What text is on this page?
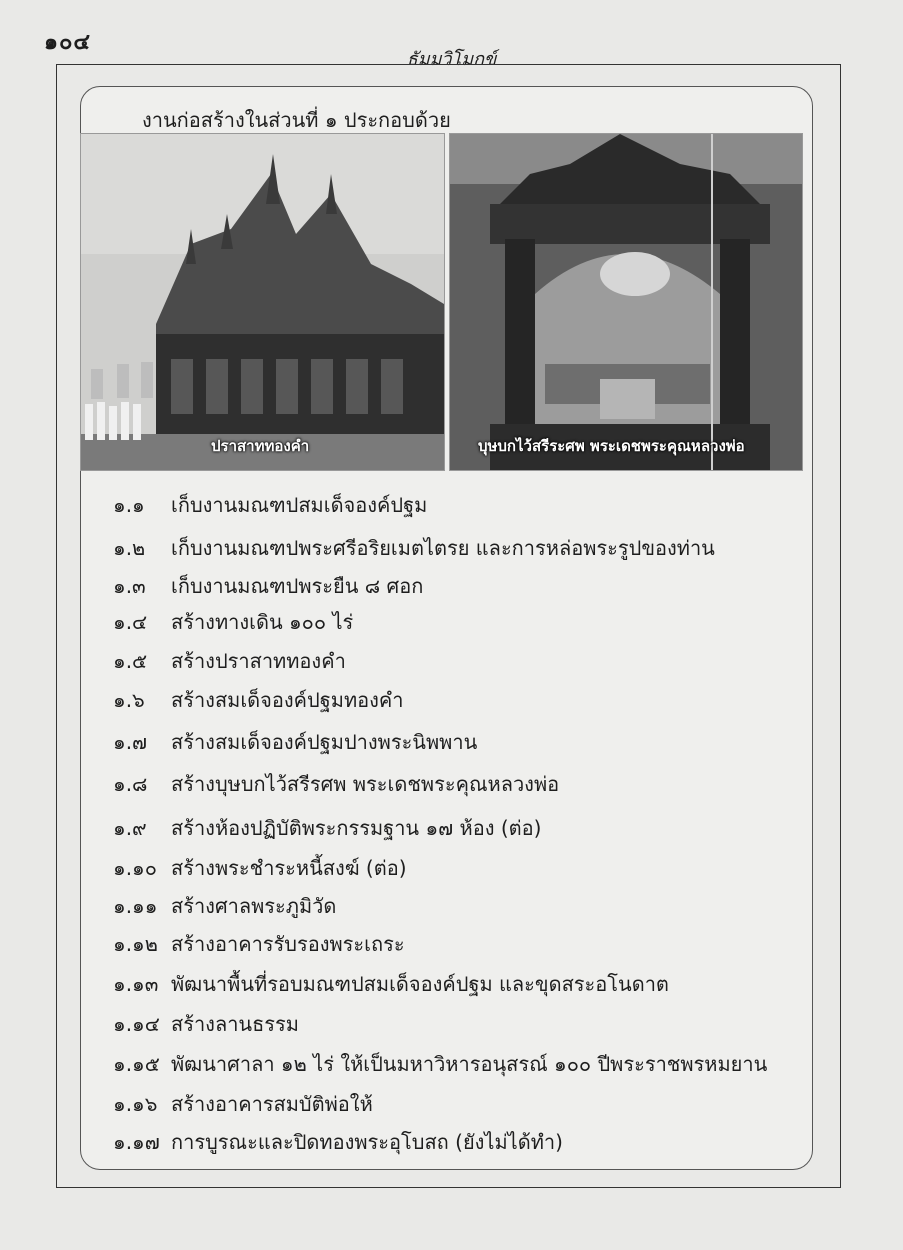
๑๐๔
ธัมมวิโมกข์
งานก่อสร้างในส่วนที่ ๑ ประกอบด้วย
ปราสาททองคำ	บุษบกไว้สรีระศพ พระเดชพระคุณหลวงพ่อ
๑.๑ เก็บงานมณฑปสมเด็จองค์ปฐม
๑.๒ เก็บงานมณฑปพระศรีอริยเมตไตรย และการหล่อพระรูปของท่าน
๑.๓ เก็บงานมณฑปพระยืน ๘ ศอก
๑.๔ สร้างทางเดิน ๑๐๐ ไร่
๑.๕ สร้างปราสาททองคำ
๑.๖ สร้างสมเด็จองค์ปฐมทองคำ
๑.๗ สร้างสมเด็จองค์ปฐมปางพระนิพพาน
๑.๘ สร้างบุษบกไว้สรีรศพ พระเดชพระคุณหลวงพ่อ
๑.๙ สร้างห้องปฏิบัติพระกรรมฐาน ๑๗ ห้อง (ต่อ)
๑.๑๐ สร้างพระชำระหนี้สงฆ์ (ต่อ)
๑.๑๑ สร้างศาลพระภูมิวัด
๑.๑๒ สร้างอาคารรับรองพระเถระ
๑.๑๓ พัฒนาพื้นที่รอบมณฑปสมเด็จองค์ปฐม และขุดสระอโนดาต
๑.๑๔ สร้างลานธรรม
๑.๑๕ พัฒนาศาลา ๑๒ ไร่ ให้เป็นมหาวิหารอนุสรณ์ ๑๐๐ ปีพระราชพรหมยาน
๑.๑๖ สร้างอาคารสมบัติพ่อให้
๑.๑๗ การบูรณะและปิดทองพระอุโบสถ (ยังไม่ได้ทำ)
